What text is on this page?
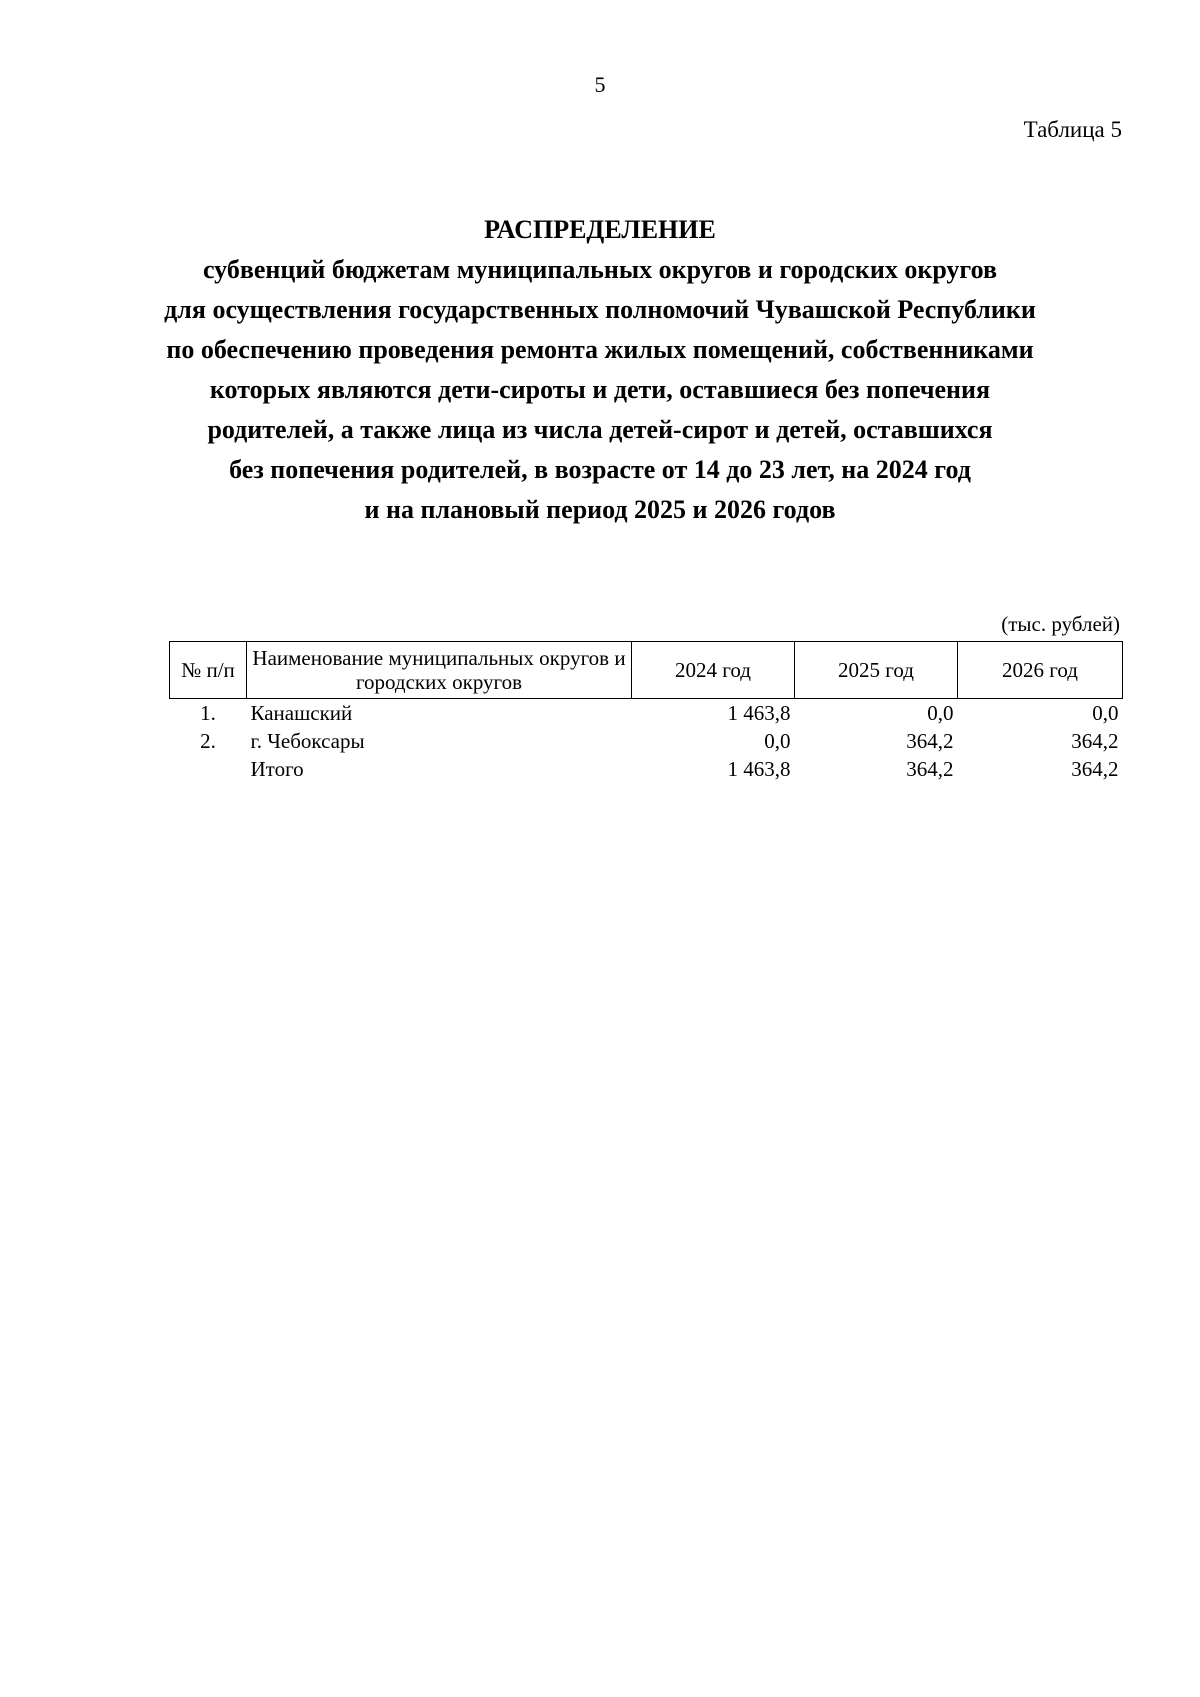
5
Таблица 5
РАСПРЕДЕЛЕНИЕ
субвенций бюджетам муниципальных округов и городских округов
для осуществления государственных полномочий Чувашской Республики
по обеспечению проведения ремонта жилых помещений, собственниками
которых являются дети-сироты и дети, оставшиеся без попечения
родителей, а также лица из числа детей-сирот и детей, оставшихся
без попечения родителей, в возрасте от 14 до 23 лет, на 2024 год
и на плановый период 2025 и 2026 годов
(тыс. рублей)
№ п/п	Наименование муниципальных округов и городских округов	2024 год	2025 год	2026 год
1.	Канашский	1 463,8	0,0	0,0
2.	г. Чебоксары	0,0	364,2	364,2
	Итого	1 463,8	364,2	364,2
